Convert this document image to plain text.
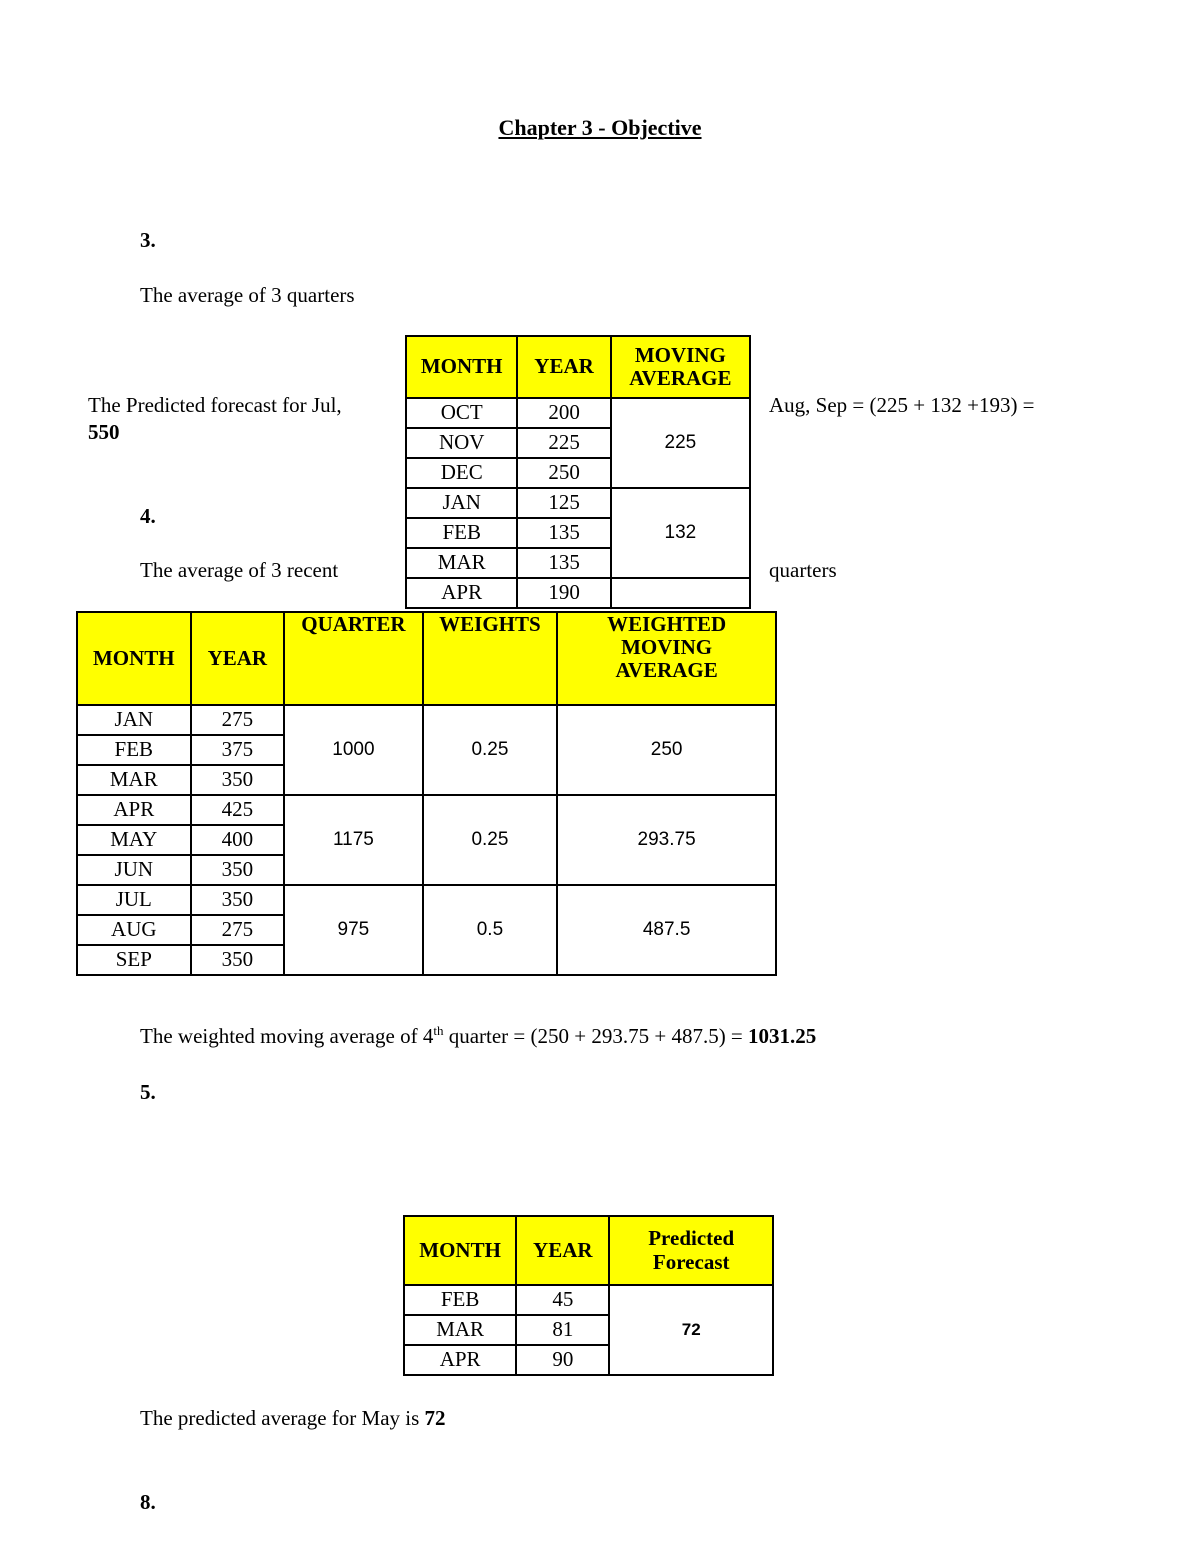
Chapter 3 - Objective
3.
The average of 3 quarters
The Predicted forecast for Jul,
550
Aug, Sep = (225 + 132 +193) =
MONTH	YEAR	MOVING AVERAGE
OCT	200	225
NOV	225	
DEC	250	
JAN	125	132
FEB	135	
MAR	135	
APR	190	
4.
The average of 3 recent	quarters
MONTH	YEAR	QUARTER	WEIGHTS	WEIGHTED MOVING AVERAGE
JAN	275	1000	0.25	250
FEB	375			
MAR	350			
APR	425	1175	0.25	293.75
MAY	400			
JUN	350			
JUL	350	975	0.5	487.5
AUG	275			
SEP	350			
The weighted moving average of 4th quarter = (250 + 293.75 + 487.5) = 1031.25
5.
MONTH	YEAR	Predicted Forecast
FEB	45	72
MAR	81	
APR	90	
The predicted average for May is 72
8.
